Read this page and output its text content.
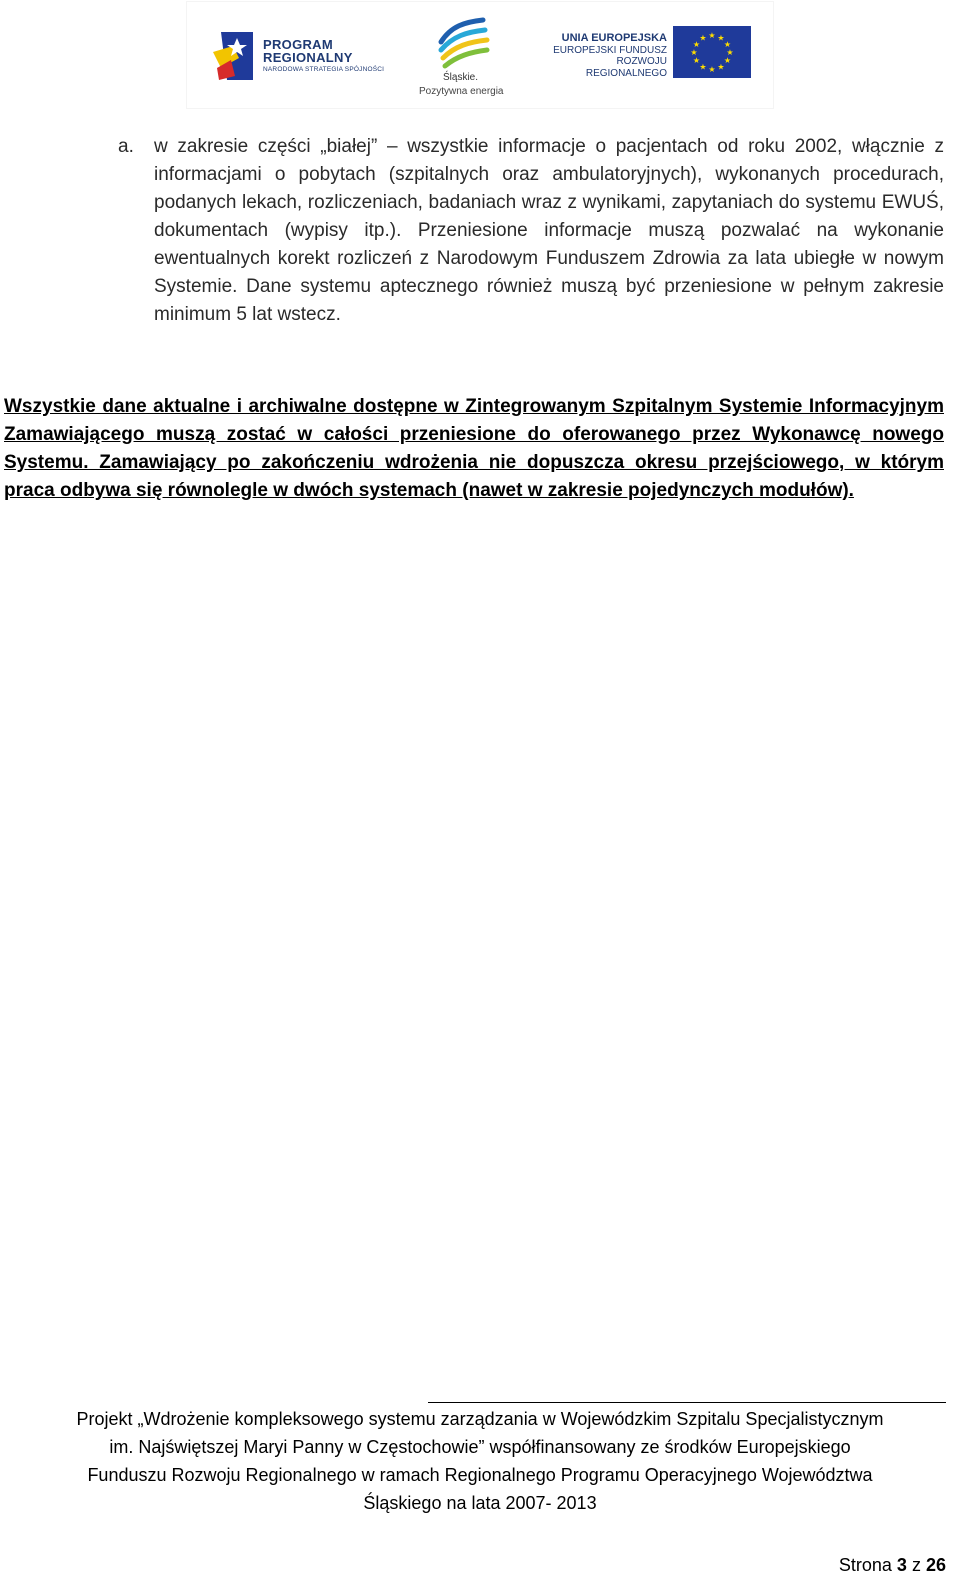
PROGRAM
REGIONALNY
NARODOWA STRATEGIA SPÓJNOŚCI
Śląskie.
Pozytywna energia
UNIA EUROPEJSKA
EUROPEJSKI FUNDUSZ
ROZWOJU REGIONALNEGO
★ ★
★
★
★
★
★
★
★
★
★
★
a. w zakresie części „białej” – wszystkie informacje o pacjentach od roku 2002, włącznie z informacjami o pobytach (szpitalnych oraz ambulatoryjnych), wykonanych procedurach, podanych lekach, rozliczeniach, badaniach wraz z wynikami, zapytaniach do systemu EWUŚ, dokumentach (wypisy itp.). Przeniesione informacje muszą pozwalać na wykonanie ewentualnych korekt rozliczeń z Narodowym Funduszem Zdrowia za lata ubiegłe w nowym Systemie. Dane systemu aptecznego również muszą być przeniesione w pełnym zakresie minimum 5 lat wstecz.
Wszystkie dane aktualne i archiwalne dostępne w Zintegrowanym Szpitalnym Systemie Informacyjnym Zamawiającego muszą zostać w całości przeniesione do oferowanego przez Wykonawcę nowego Systemu. Zamawiający po zakończeniu wdrożenia nie dopuszcza okresu przejściowego, w którym praca odbywa się równolegle w dwóch systemach (nawet w zakresie pojedynczych modułów).
Projekt „Wdrożenie kompleksowego systemu zarządzania w Wojewódzkim Szpitalu Specjalistycznym
im. Najświętszej Maryi Panny w Częstochowie” współfinansowany ze środków Europejskiego
Funduszu Rozwoju Regionalnego w ramach Regionalnego Programu Operacyjnego Województwa
Śląskiego na lata 2007- 2013
Strona 3 z 26
